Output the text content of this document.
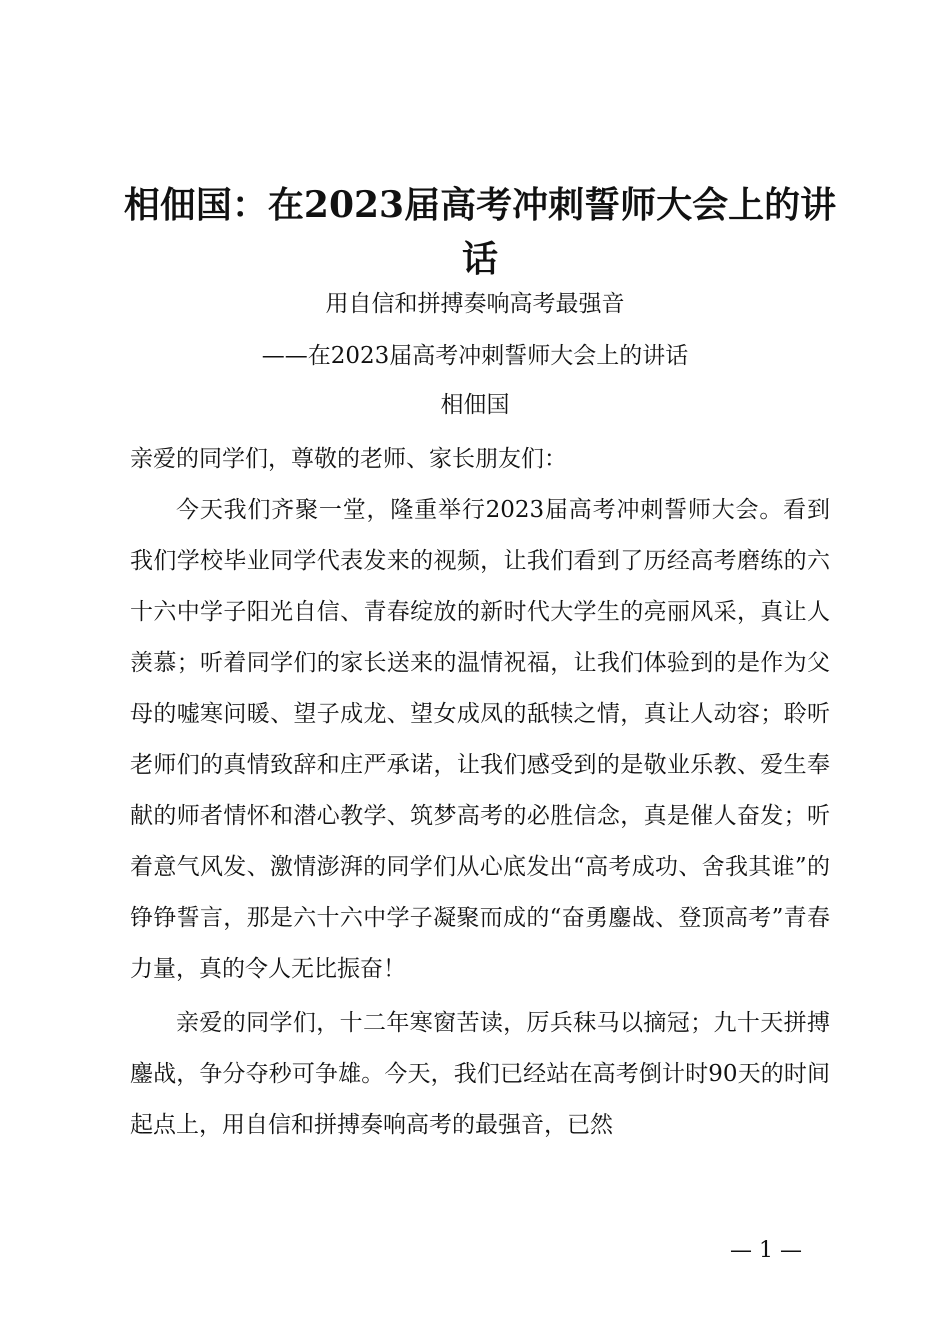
相佃国：在2023届高考冲刺誓师大会上的讲话
用自信和拼搏奏响高考最强音
——在2023届高考冲刺誓师大会上的讲话
相佃国

亲爱的同学们，尊敬的老师、家长朋友们：

今天我们齐聚一堂，隆重举行2023届高考冲刺誓师大会。看到我们学校毕业同学代表发来的视频，让我们看到了历经高考磨练的六十六中学子阳光自信、青春绽放的新时代大学生的亮丽风采，真让人羡慕；听着同学们的家长送来的温情祝福，让我们体验到的是作为父母的嘘寒问暖、望子成龙、望女成凤的舐犊之情，真让人动容；聆听老师们的真情致辞和庄严承诺，让我们感受到的是敬业乐教、爱生奉献的师者情怀和潜心教学、筑梦高考的必胜信念，真是催人奋发；听着意气风发、激情澎湃的同学们从心底发出“高考成功、舍我其谁”的铮铮誓言，那是六十六中学子凝聚而成的“奋勇鏖战、登顶高考”青春力量，真的令人无比振奋！

亲爱的同学们，十二年寒窗苦读，厉兵秣马以摘冠；九十天拼搏鏖战，争分夺秒可争雄。今天，我们已经站在高考倒计时90天的时间起点上，用自信和拼搏奏响高考的最强音，已然

— 1 —
